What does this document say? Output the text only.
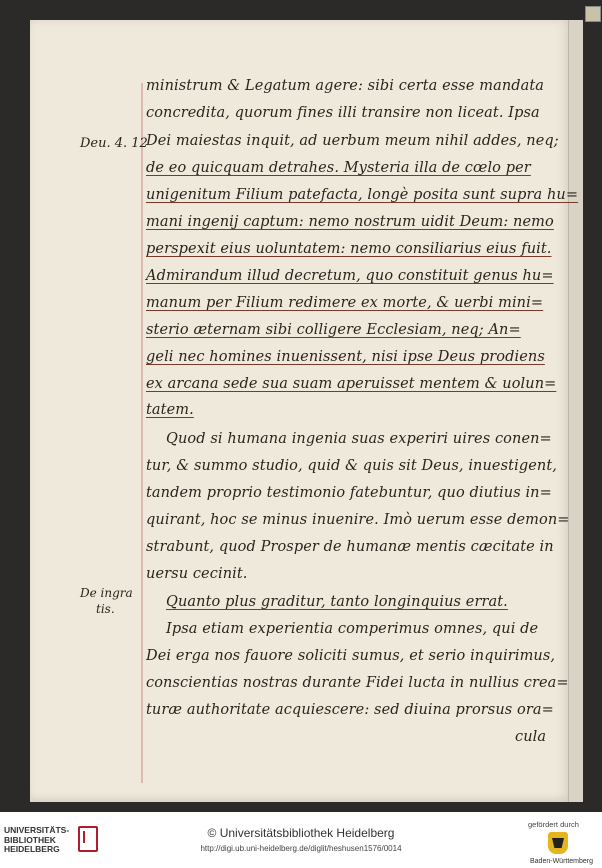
ministrum & Legatum agere: sibi certa esse mandata
concredita, quorum fines illi transire non liceat. Ipsa
Dei maiestas inquit, ad uerbum meum nihil addes, neq;
de eo quicquam detrahes. Mysteria illa de cœlo per
unigenitum Filium patefacta, longè posita sunt supra hu=
mani ingenij captum: nemo nostrum uidit Deum: nemo
perspexit eius uoluntatem: nemo consiliarius eius fuit.
Admirandum illud decretum, quo constituit genus hu=
manum per Filium redimere ex morte, & uerbi mini=
sterio æternam sibi colligere Ecclesiam, neq; An=
geli nec homines inuenissent, nisi ipse Deus prodiens
ex arcana sede sua suam aperuisset mentem & uolun=
tatem.
Quod si humana ingenia suas experiri uires conen=
tur, & summo studio, quid & quis sit Deus, inuestigent,
tandem proprio testimonio fatebuntur, quo diutius in=
quirant, hoc se minus inuenire. Imò uerum esse demon=
strabunt, quod Prosper de humanæ mentis cæcitate in
uersu cecinit.
Quanto plus graditur, tanto longinquius errat.
Ipsa etiam experientia comperimus omnes, qui de
Dei erga nos fauore soliciti sumus, et serio inquirimus,
conscientias nostras durante Fidei lucta in nullius crea=
turæ authoritate acquiescere: sed diuina prorsus ora=
cula
Deu. 4. 12
De ingra
tis.
UNIVERSITÄTS-
BIBLIOTHEK
HEIDELBERG
© Universitätsbibliothek Heidelberg
http://digi.ub.uni-heidelberg.de/diglit/heshusen1576/0014
gefördert durch
Baden-Württemberg
